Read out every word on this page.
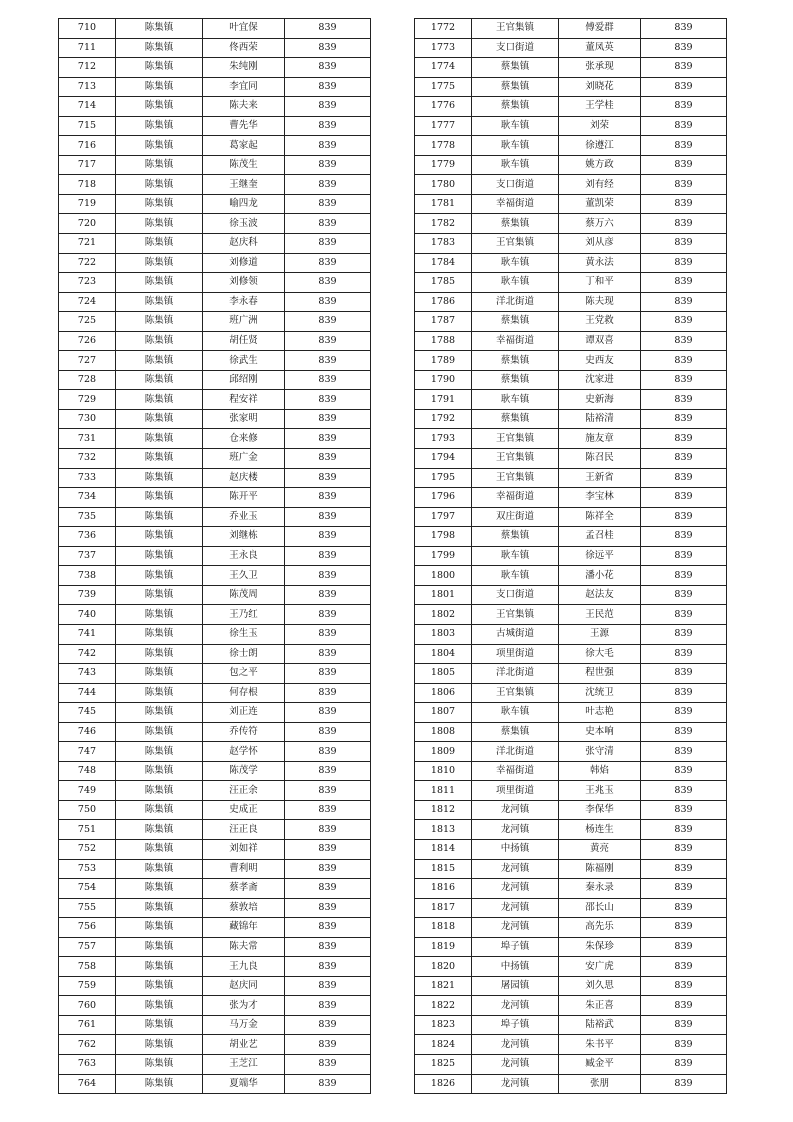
710	陈集镇	叶宜保	839
711	陈集镇	佟西荣	839
712	陈集镇	朱纯刚	839
713	陈集镇	李宜同	839
714	陈集镇	陈夫来	839
715	陈集镇	曹先华	839
716	陈集镇	葛家起	839
717	陈集镇	陈茂生	839
718	陈集镇	王继奎	839
719	陈集镇	喻四龙	839
720	陈集镇	徐玉波	839
721	陈集镇	赵庆科	839
722	陈集镇	刘修道	839
723	陈集镇	刘修领	839
724	陈集镇	李永春	839
725	陈集镇	班广洲	839
726	陈集镇	胡任贤	839
727	陈集镇	徐武生	839
728	陈集镇	邱绍刚	839
729	陈集镇	程安祥	839
730	陈集镇	张家明	839
731	陈集镇	仓来修	839
732	陈集镇	班广金	839
733	陈集镇	赵庆楼	839
734	陈集镇	陈开平	839
735	陈集镇	乔业玉	839
736	陈集镇	刘继栋	839
737	陈集镇	王永良	839
738	陈集镇	王久卫	839
739	陈集镇	陈茂周	839
740	陈集镇	王乃红	839
741	陈集镇	徐生玉	839
742	陈集镇	徐士朗	839
743	陈集镇	包之平	839
744	陈集镇	何存根	839
745	陈集镇	刘正连	839
746	陈集镇	乔传符	839
747	陈集镇	赵学怀	839
748	陈集镇	陈茂学	839
749	陈集镇	汪正余	839
750	陈集镇	史成正	839
751	陈集镇	汪正良	839
752	陈集镇	刘如祥	839
753	陈集镇	曹利明	839
754	陈集镇	蔡孝斋	839
755	陈集镇	蔡敦培	839
756	陈集镇	藏锦年	839
757	陈集镇	陈夫常	839
758	陈集镇	王九良	839
759	陈集镇	赵庆同	839
760	陈集镇	张为才	839
761	陈集镇	马万金	839
762	陈集镇	胡业艺	839
763	陈集镇	王芝江	839
764	陈集镇	夏端华	839
1772	王官集镇	傅爱群	839
1773	支口街道	董凤英	839
1774	蔡集镇	张承现	839
1775	蔡集镇	刘晓花	839
1776	蔡集镇	王学桂	839
1777	耿车镇	刘荣	839
1778	耿车镇	徐遵江	839
1779	耿车镇	姚方政	839
1780	支口街道	刘有经	839
1781	幸福街道	董凯荣	839
1782	蔡集镇	蔡万六	839
1783	王官集镇	刘从彦	839
1784	耿车镇	黄永法	839
1785	耿车镇	丁和平	839
1786	洋北街道	陈夫现	839
1787	蔡集镇	王党救	839
1788	幸福街道	谭双喜	839
1789	蔡集镇	史西友	839
1790	蔡集镇	沈家进	839
1791	耿车镇	史新海	839
1792	蔡集镇	陆裕清	839
1793	王官集镇	施友章	839
1794	王官集镇	陈召民	839
1795	王官集镇	王新省	839
1796	幸福街道	李宝林	839
1797	双庄街道	陈祥全	839
1798	蔡集镇	孟召桂	839
1799	耿车镇	徐远平	839
1800	耿车镇	潘小花	839
1801	支口街道	赵法友	839
1802	王官集镇	王民范	839
1803	古城街道	王源	839
1804	项里街道	徐大毛	839
1805	洋北街道	程世强	839
1806	王官集镇	沈统卫	839
1807	耿车镇	叶志艳	839
1808	蔡集镇	史本响	839
1809	洋北街道	张守清	839
1810	幸福街道	韩焰	839
1811	项里街道	王兆玉	839
1812	龙河镇	李保华	839
1813	龙河镇	杨连生	839
1814	中扬镇	黄亮	839
1815	龙河镇	陈福刚	839
1816	龙河镇	秦永录	839
1817	龙河镇	邵长山	839
1818	龙河镇	高先乐	839
1819	埠子镇	朱保珍	839
1820	中扬镇	安广虎	839
1821	屠园镇	刘久思	839
1822	龙河镇	朱正喜	839
1823	埠子镇	陆裕武	839
1824	龙河镇	朱书平	839
1825	龙河镇	臧金平	839
1826	龙河镇	张朋	839
